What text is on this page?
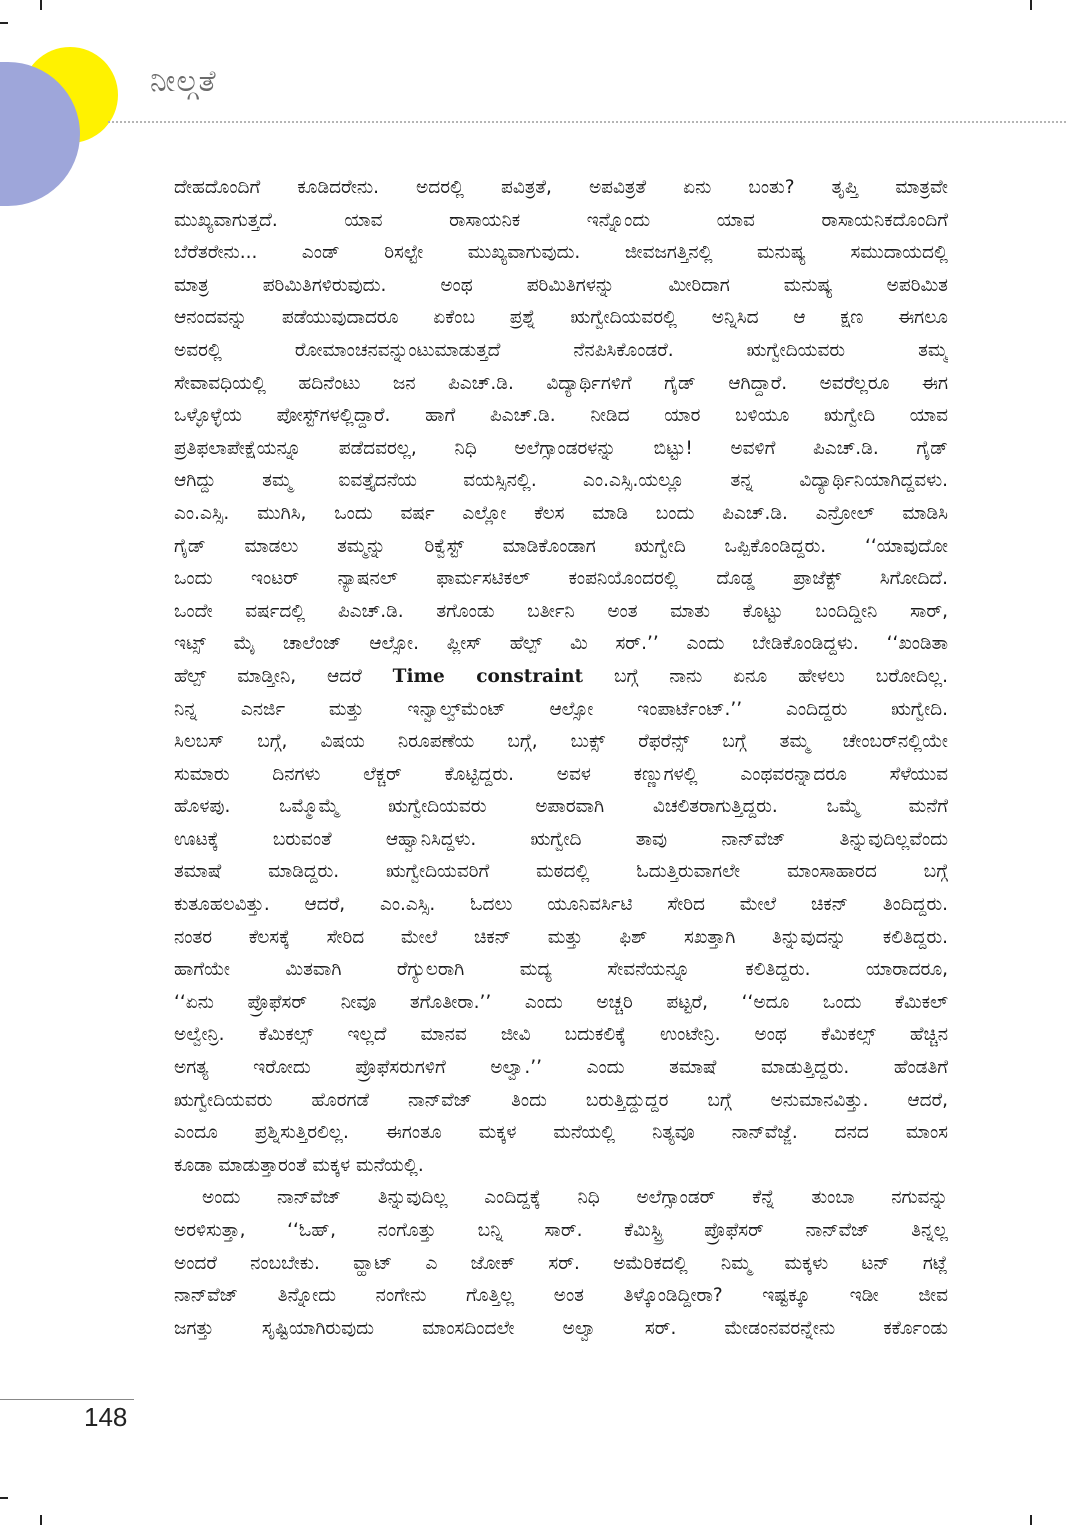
ನೀಲ್ಗತೆ

ದೇಹದೊಂದಿಗೆ ಕೂಡಿದರೇನು. ಅದರಲ್ಲಿ ಪವಿತ್ರತೆ, ಅಪವಿತ್ರತೆ ಏನು ಬಂತು? ತೃಪ್ತಿ ಮಾತ್ರವೇ
ಮುಖ್ಯವಾಗುತ್ತದೆ. ಯಾವ ರಾಸಾಯನಿಕ ಇನ್ನೊಂದು ಯಾವ ರಾಸಾಯನಿಕದೊಂದಿಗೆ
ಬೆರೆತರೇನು... ಎಂಡ್ ರಿಸಲ್ಟೇ ಮುಖ್ಯವಾಗುವುದು. ಜೀವಜಗತ್ತಿನಲ್ಲಿ ಮನುಷ್ಯ ಸಮುದಾಯದಲ್ಲಿ
ಮಾತ್ರ ಪರಿಮಿತಿಗಳಿರುವುದು. ಅಂಥ ಪರಿಮಿತಿಗಳನ್ನು ಮೀರಿದಾಗ ಮನುಷ್ಯ ಅಪರಿಮಿತ
ಆನಂದವನ್ನು ಪಡೆಯುವುದಾದರೂ ಏಕೆಂಬ ಪ್ರಶ್ನೆ ಋಗ್ವೇದಿಯವರಲ್ಲಿ ಅನ್ನಿಸಿದ ಆ ಕ್ಷಣ ಈಗಲೂ
ಅವರಲ್ಲಿ ರೋಮಾಂಚನವನ್ನುಂಟುಮಾಡುತ್ತದೆ ನೆನಪಿಸಿಕೊಂಡರೆ. ಋಗ್ವೇದಿಯವರು ತಮ್ಮ
ಸೇವಾವಧಿಯಲ್ಲಿ ಹದಿನೆಂಟು ಜನ ಪಿಎಚ್.ಡಿ. ವಿದ್ಯಾರ್ಥಿಗಳಿಗೆ ಗೈಡ್ ಆಗಿದ್ದಾರೆ. ಅವರೆಲ್ಲರೂ ಈಗ
ಒಳ್ಳೊಳ್ಳೆಯ ಪೋಸ್ಟ್‌ಗಳಲ್ಲಿದ್ದಾರೆ. ಹಾಗೆ ಪಿಎಚ್.ಡಿ. ನೀಡಿದ ಯಾರ ಬಳಿಯೂ ಋಗ್ವೇದಿ ಯಾವ
ಪ್ರತಿಫಲಾಪೇಕ್ಷೆಯನ್ನೂ ಪಡೆದವರಲ್ಲ, ನಿಧಿ ಅಲೆಗ್ಸಾಂಡರಳನ್ನು ಬಿಟ್ಟು! ಅವಳಿಗೆ ಪಿಎಚ್.ಡಿ. ಗೈಡ್
ಆಗಿದ್ದು ತಮ್ಮ ಐವತ್ತೈದನೆಯ ವಯಸ್ಸಿನಲ್ಲಿ. ಎಂ.ಎಸ್ಸಿ.ಯಲ್ಲೂ ತನ್ನ ವಿದ್ಯಾರ್ಥಿನಿಯಾಗಿದ್ದವಳು.
ಎಂ.ಎಸ್ಸಿ. ಮುಗಿಸಿ, ಒಂದು ವರ್ಷ ಎಲ್ಲೋ ಕೆಲಸ ಮಾಡಿ ಬಂದು ಪಿಎಚ್.ಡಿ. ಎನ್ರೋಲ್ ಮಾಡಿಸಿ
ಗೈಡ್ ಮಾಡಲು ತಮ್ಮನ್ನು ರಿಕ್ವೆಸ್ಟ್ ಮಾಡಿಕೊಂಡಾಗ ಋಗ್ವೇದಿ ಒಪ್ಪಿಕೊಂಡಿದ್ದರು. ‘‘ಯಾವುದೋ
ಒಂದು ಇಂಟರ್ ನ್ಯಾಷನಲ್ ಫಾರ್ಮಸಟಿಕಲ್ ಕಂಪನಿಯೊಂದರಲ್ಲಿ ದೊಡ್ಡ ಪ್ರಾಜೆಕ್ಟ್ ಸಿಗೋದಿದೆ.
ಒಂದೇ ವರ್ಷದಲ್ಲಿ ಪಿಎಚ್.ಡಿ. ತಗೊಂಡು ಬರ್ತೀನಿ ಅಂತ ಮಾತು ಕೊಟ್ಟು ಬಂದಿದ್ದೀನಿ ಸಾರ್,
ಇಟ್ಸ್ ಮೈ ಚಾಲೆಂಜ್ ಆಲ್ಸೋ. ಪ್ಲೀಸ್ ಹೆಲ್ಪ್ ಮಿ ಸರ್.’’ ಎಂದು ಬೇಡಿಕೊಂಡಿದ್ದಳು. ‘‘ಖಂಡಿತಾ
ಹೆಲ್ಪ್ ಮಾಡ್ತೀನಿ, ಆದರೆ Time constraint ಬಗ್ಗೆ ನಾನು ಏನೂ ಹೇಳಲು ಬರೋದಿಲ್ಲ.
ನಿನ್ನ ಎನರ್ಜಿ ಮತ್ತು ಇನ್ವಾಲ್ವ್‌ಮೆಂಟ್ ಆಲ್ಸೋ ಇಂಪಾರ್ಟೆಂಟ್.’’ ಎಂದಿದ್ದರು ಋಗ್ವೇದಿ.
ಸಿಲಬಸ್ ಬಗ್ಗೆ, ವಿಷಯ ನಿರೂಪಣೆಯ ಬಗ್ಗೆ, ಬುಕ್ಸ್ ರೆಫರೆನ್ಸ್ ಬಗ್ಗೆ ತಮ್ಮ ಚೇಂಬರ್‌ನಲ್ಲಿಯೇ
ಸುಮಾರು ದಿನಗಳು ಲೆಕ್ಚರ್ ಕೊಟ್ಟಿದ್ದರು. ಅವಳ ಕಣ್ಣುಗಳಲ್ಲಿ ಎಂಥವರನ್ನಾದರೂ ಸೆಳೆಯುವ
ಹೊಳಪು. ಒಮ್ಮೊಮ್ಮೆ ಋಗ್ವೇದಿಯವರು ಅಪಾರವಾಗಿ ವಿಚಲಿತರಾಗುತ್ತಿದ್ದರು. ಒಮ್ಮೆ ಮನೆಗೆ
ಊಟಕ್ಕೆ ಬರುವಂತೆ ಆಹ್ವಾನಿಸಿದ್ದಳು. ಋಗ್ವೇದಿ ತಾವು ನಾನ್‌ವೆಜ್ ತಿನ್ನುವುದಿಲ್ಲವೆಂದು
ತಮಾಷೆ ಮಾಡಿದ್ದರು. ಋಗ್ವೇದಿಯವರಿಗೆ ಮಠದಲ್ಲಿ ಓದುತ್ತಿರುವಾಗಲೇ ಮಾಂಸಾಹಾರದ ಬಗ್ಗೆ
ಕುತೂಹಲವಿತ್ತು. ಆದರೆ, ಎಂ.ಎಸ್ಸಿ. ಓದಲು ಯೂನಿವರ್ಸಿಟಿ ಸೇರಿದ ಮೇಲೆ ಚಿಕನ್ ತಿಂದಿದ್ದರು.
ನಂತರ ಕೆಲಸಕ್ಕೆ ಸೇರಿದ ಮೇಲೆ ಚಿಕನ್ ಮತ್ತು ಫಿಶ್ ಸಖತ್ತಾಗಿ ತಿನ್ನುವುದನ್ನು ಕಲಿತಿದ್ದರು.
ಹಾಗೆಯೇ ಮಿತವಾಗಿ ರೆಗ್ಯುಲರಾಗಿ ಮದ್ಯ ಸೇವನೆಯನ್ನೂ ಕಲಿತಿದ್ದರು. ಯಾರಾದರೂ,
‘‘ಏನು ಪ್ರೊಫೆಸರ್ ನೀವೂ ತಗೊತೀರಾ.’’ ಎಂದು ಅಚ್ಚರಿ ಪಟ್ಟರೆ, ‘‘ಅದೂ ಒಂದು ಕೆಮಿಕಲ್
ಅಲ್ವೇನ್ರಿ. ಕೆಮಿಕಲ್ಸ್ ಇಲ್ಲದೆ ಮಾನವ ಜೀವಿ ಬದುಕಲಿಕ್ಕೆ ಉಂಟೇನ್ರಿ. ಅಂಥ ಕೆಮಿಕಲ್ಸ್ ಹೆಚ್ಚಿನ
ಅಗತ್ಯ ಇರೋದು ಪ್ರೊಫೆಸರುಗಳಿಗೆ ಅಲ್ವಾ.’’ ಎಂದು ತಮಾಷೆ ಮಾಡುತ್ತಿದ್ದರು. ಹೆಂಡತಿಗೆ
ಋಗ್ವೇದಿಯವರು ಹೊರಗಡೆ ನಾನ್‌ವೆಜ್ ತಿಂದು ಬರುತ್ತಿದ್ದುದ್ದರ ಬಗ್ಗೆ ಅನುಮಾನವಿತ್ತು. ಆದರೆ,
ಎಂದೂ ಪ್ರಶ್ನಿಸುತ್ತಿರಲಿಲ್ಲ. ಈಗಂತೂ ಮಕ್ಕಳ ಮನೆಯಲ್ಲಿ ನಿತ್ಯವೂ ನಾನ್‌ವೆಜ್ಜೆ. ದನದ ಮಾಂಸ
ಕೂಡಾ ಮಾಡುತ್ತಾರಂತೆ ಮಕ್ಕಳ ಮನೆಯಲ್ಲಿ.

ಅಂದು ನಾನ್‌ವೆಜ್ ತಿನ್ನುವುದಿಲ್ಲ ಎಂದಿದ್ದಕ್ಕೆ ನಿಧಿ ಅಲೆಗ್ಸಾಂಡರ್ ಕೆನ್ನೆ ತುಂಬಾ ನಗುವನ್ನು
ಅರಳಿಸುತ್ತಾ, ‘‘ಓಹ್, ನಂಗೊತ್ತು ಬನ್ನಿ ಸಾರ್. ಕೆಮಿಸ್ಟ್ರಿ ಪ್ರೊಫೆಸರ್ ನಾನ್‌ವೆಜ್ ತಿನ್ನಲ್ಲ
ಅಂದರೆ ನಂಬಬೇಕು. ವ್ಹಾಟ್ ಎ ಜೋಕ್ ಸರ್. ಅಮೆರಿಕದಲ್ಲಿ ನಿಮ್ಮ ಮಕ್ಕಳು ಟನ್ ಗಟ್ಲೆ
ನಾನ್‌ವೆಜ್ ತಿನ್ನೋದು ನಂಗೇನು ಗೊತ್ತಿಲ್ಲ ಅಂತ ತಿಳ್ಕೊಂಡಿದ್ದೀರಾ? ಇಷ್ಟಕ್ಕೂ ಇಡೀ ಜೀವ
ಜಗತ್ತು ಸೃಷ್ಟಿಯಾಗಿರುವುದು ಮಾಂಸದಿಂದಲೇ ಅಲ್ವಾ ಸರ್. ಮೇಡಂನವರನ್ನೇನು ಕರ್ಕೊಂಡು

148
